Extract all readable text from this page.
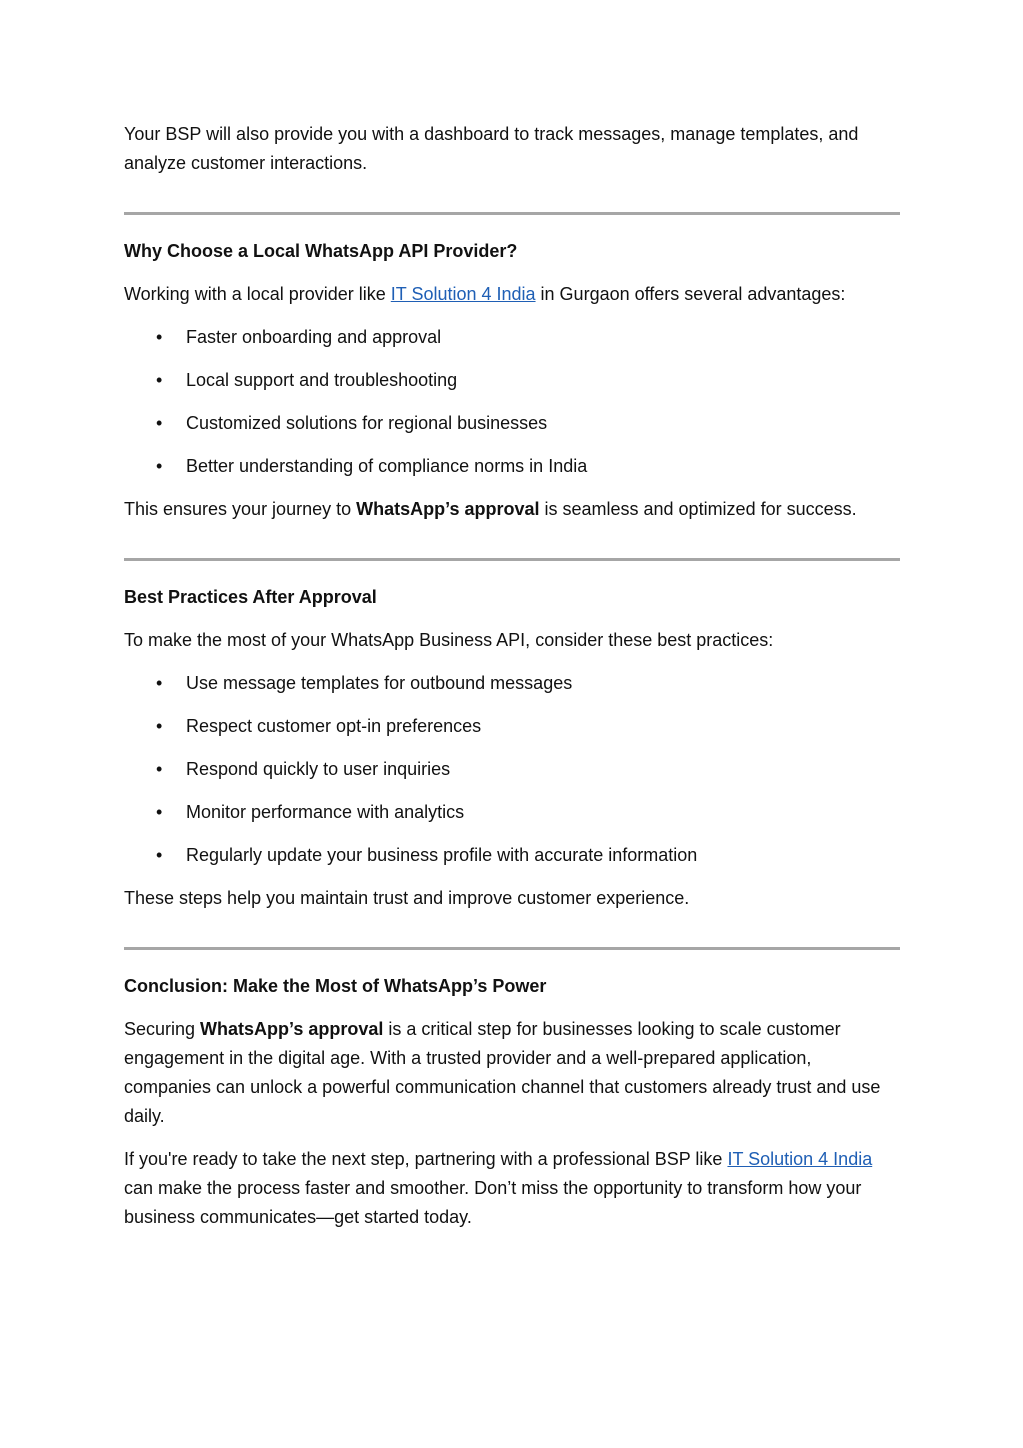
Your BSP will also provide you with a dashboard to track messages, manage templates, and analyze customer interactions.

Why Choose a Local WhatsApp API Provider?

Working with a local provider like IT Solution 4 India in Gurgaon offers several advantages:

• Faster onboarding and approval
• Local support and troubleshooting
• Customized solutions for regional businesses
• Better understanding of compliance norms in India

This ensures your journey to WhatsApp’s approval is seamless and optimized for success.

Best Practices After Approval

To make the most of your WhatsApp Business API, consider these best practices:

• Use message templates for outbound messages
• Respect customer opt-in preferences
• Respond quickly to user inquiries
• Monitor performance with analytics
• Regularly update your business profile with accurate information

These steps help you maintain trust and improve customer experience.

Conclusion: Make the Most of WhatsApp’s Power

Securing WhatsApp’s approval is a critical step for businesses looking to scale customer engagement in the digital age. With a trusted provider and a well-prepared application, companies can unlock a powerful communication channel that customers already trust and use daily.

If you're ready to take the next step, partnering with a professional BSP like IT Solution 4 India can make the process faster and smoother. Don’t miss the opportunity to transform how your business communicates—get started today.
